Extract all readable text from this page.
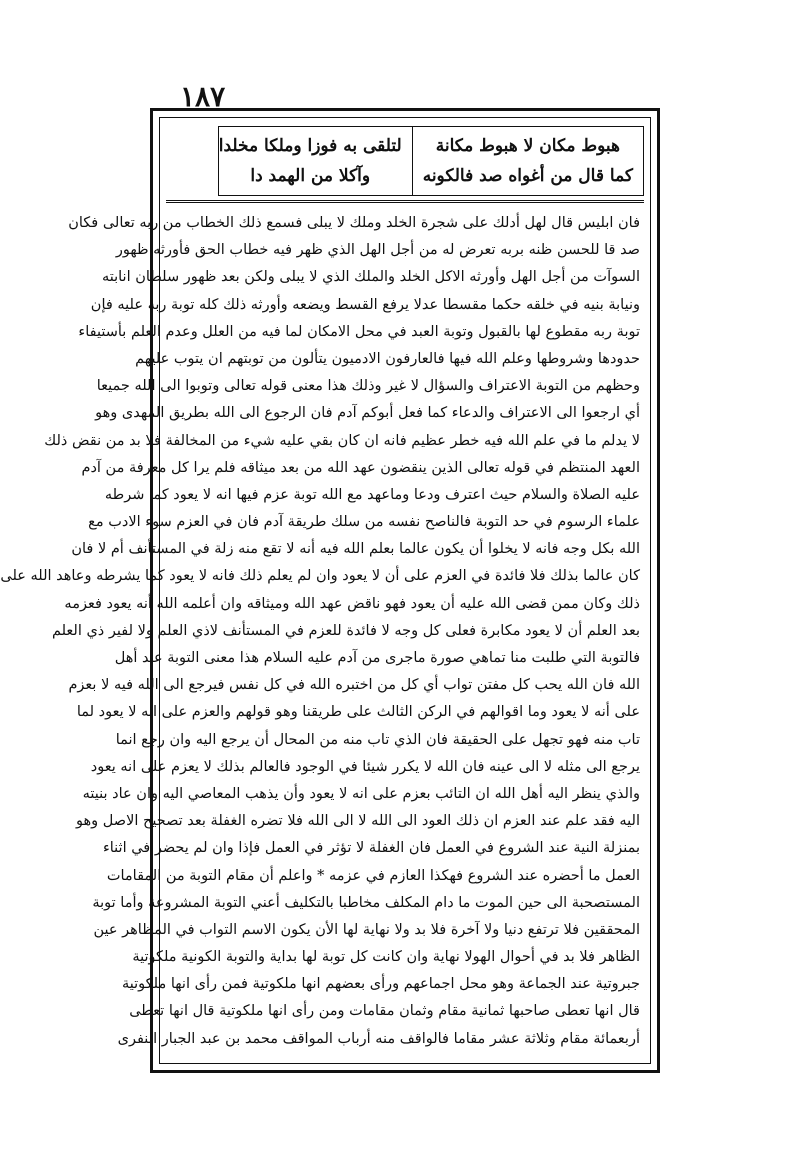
١٨٧
هبوط مكان لا هبوط مكانة
كما قال من أغواه صد فالكونه
لتلقى به فوزا وملكا مخلدا
وآكلا من الهمد دا
فان ابليس قال لهل أدلك على شجرة الخلد وملك لا يبلى فسمع ذلك الخطاب من ربه تعالى فكان
صد قا للحسن ظنه بربه تعرض له من أجل الهل الذي ظهر فيه خطاب الحق فأورثه ظهور
السوآت من أجل الهل وأورثه الاكل الخلد والملك الذي لا يبلى ولكن بعد ظهور سلطان انابته
ونيابة بنيه في خلقه حكما مقسطا عدلا يرفع القسط ويضعه وأورثه ذلك كله توبة ربه عليه فإن
توبة ربه مقطوع لها بالقبول وتوبة العبد في محل الامكان لما فيه من العلل وعدم العلم بأستيفاء
حدودها وشروطها وعلم الله فيها فالعارفون الادميون يتألون من توبتهم ان يتوب عليهم
وحظهم من التوبة الاعتراف والسؤال لا غير وذلك هذا معنى قوله تعالى وتوبوا الى الله جميعا
أي ارجعوا الى الاعتراف والدعاء كما فعل أبوكم آدم فان الرجوع الى الله بطريق المهدى وهو
لا يدلم ما في علم الله فيه خطر عظيم فانه ان كان بقي عليه شيء من المخالفة فلا بد من نقض ذلك
العهد المنتظم في قوله تعالى الذين ينقضون عهد الله من بعد ميثاقه فلم يرا كل معرفة من آدم
عليه الصلاة والسلام حيث اعترف ودعا وماعهد مع الله توبة عزم فيها انه لا يعود كما شرطه
علماء الرسوم في حد التوبة فالناصح نفسه من سلك طريقة آدم فان في العزم سوء الادب مع
الله بكل وجه فانه لا يخلوا أن يكون عالما بعلم الله فيه أنه لا تقع منه زلة في المستأنف أم لا فان
كان عالما بذلك فلا فائدة في العزم على أن لا يعود وان لم يعلم ذلك فانه لا يعود كما يشرطه وعاهد الله على
ذلك وكان ممن قضى الله عليه أن يعود فهو ناقض عهد الله وميثاقه وان أعلمه الله أنه يعود فعزمه
بعد العلم أن لا يعود مكابرة فعلى كل وجه لا فائدة للعزم في المستأنف لاذي العلم ولا لفير ذي العلم
فالتوبة التي طلبت منا تماهي صورة ماجرى من آدم عليه السلام هذا معنى التوبة عند أهل
الله فان الله يحب كل مفتن تواب أي كل من اختبره الله في كل نفس فيرجع الى الله فيه لا بعزم
على أنه لا يعود وما اقوالهم في الركن الثالث على طريقنا وهو قولهم والعزم على انه لا يعود لما
تاب منه فهو تجهل على الحقيقة فان الذي تاب منه من المحال أن يرجع اليه وان رجع انما
يرجع الى مثله لا الى عينه فان الله لا يكرر شيئا في الوجود فالعالم بذلك لا يعزم على انه يعود
والذي ينظر اليه أهل الله ان التائب بعزم على انه لا يعود وأن يذهب المعاصي اليه وان عاد بنيته
اليه فقد علم عند العزم ان ذلك العود الى الله لا الى الله فلا تضره الغفلة بعد تصحيح الاصل وهو
بمنزلة النية عند الشروع في العمل فان الغفلة لا تؤثر في العمل فإذا وان لم يحضر في اثناء
العمل ما أحضره عند الشروع فهكذا العازم في عزمه * واعلم أن مقام التوبة من المقامات
المستصحبة الى حين الموت ما دام المكلف مخاطبا بالتكليف أعني التوبة المشروعة وأما توبة
المحققين فلا ترتفع دنيا ولا آخرة فلا بد ولا نهاية لها الأن يكون الاسم التواب في المظاهر عين
الظاهر فلا بد في أحوال الهولا نهاية وان كانت كل توبة لها بداية والتوبة الكونية ملكوتية
جبروتية عند الجماعة وهو محل اجماعهم ورأى بعضهم انها ملكوتية فمن رأى انها ملكوتية
قال انها تعطى صاحبها ثمانية مقام وثمان مقامات ومن رأى انها ملكوتية قال انها تعطى
أربعمائة مقام وثلاثة عشر مقاما فالواقف منه أرباب المواقف محمد بن عبد الجبار النفرى
